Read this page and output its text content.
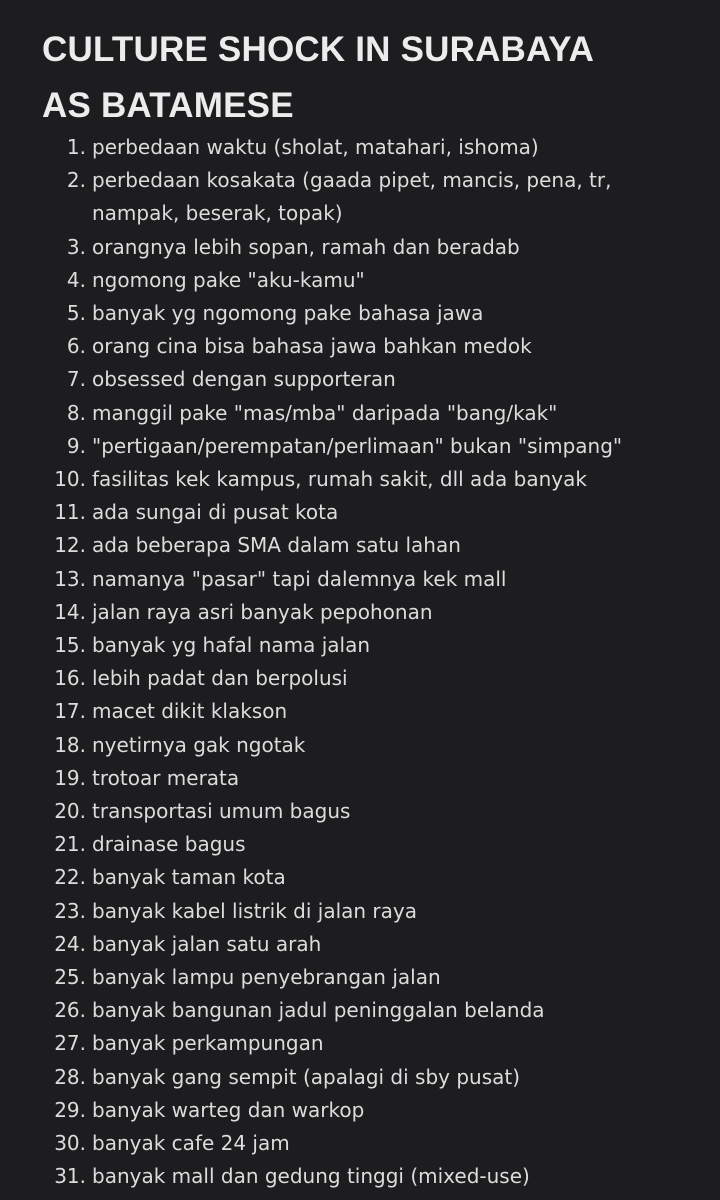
CULTURE SHOCK IN SURABAYA
AS BATAMESE
1. perbedaan waktu (sholat, matahari, ishoma)
2. perbedaan kosakata (gaada pipet, mancis, pena, tr,
nampak, beserak, topak)
3. orangnya lebih sopan, ramah dan beradab
4. ngomong pake "aku-kamu"
5. banyak yg ngomong pake bahasa jawa
6. orang cina bisa bahasa jawa bahkan medok
7. obsessed dengan supporteran
8. manggil pake "mas/mba" daripada "bang/kak"
9. "pertigaan/perempatan/perlimaan" bukan "simpang"
10. fasilitas kek kampus, rumah sakit, dll ada banyak
11. ada sungai di pusat kota
12. ada beberapa SMA dalam satu lahan
13. namanya "pasar" tapi dalemnya kek mall
14. jalan raya asri banyak pepohonan
15. banyak yg hafal nama jalan
16. lebih padat dan berpolusi
17. macet dikit klakson
18. nyetirnya gak ngotak
19. trotoar merata
20. transportasi umum bagus
21. drainase bagus
22. banyak taman kota
23. banyak kabel listrik di jalan raya
24. banyak jalan satu arah
25. banyak lampu penyebrangan jalan
26. banyak bangunan jadul peninggalan belanda
27. banyak perkampungan
28. banyak gang sempit (apalagi di sby pusat)
29. banyak warteg dan warkop
30. banyak cafe 24 jam
31. banyak mall dan gedung tinggi (mixed-use)
